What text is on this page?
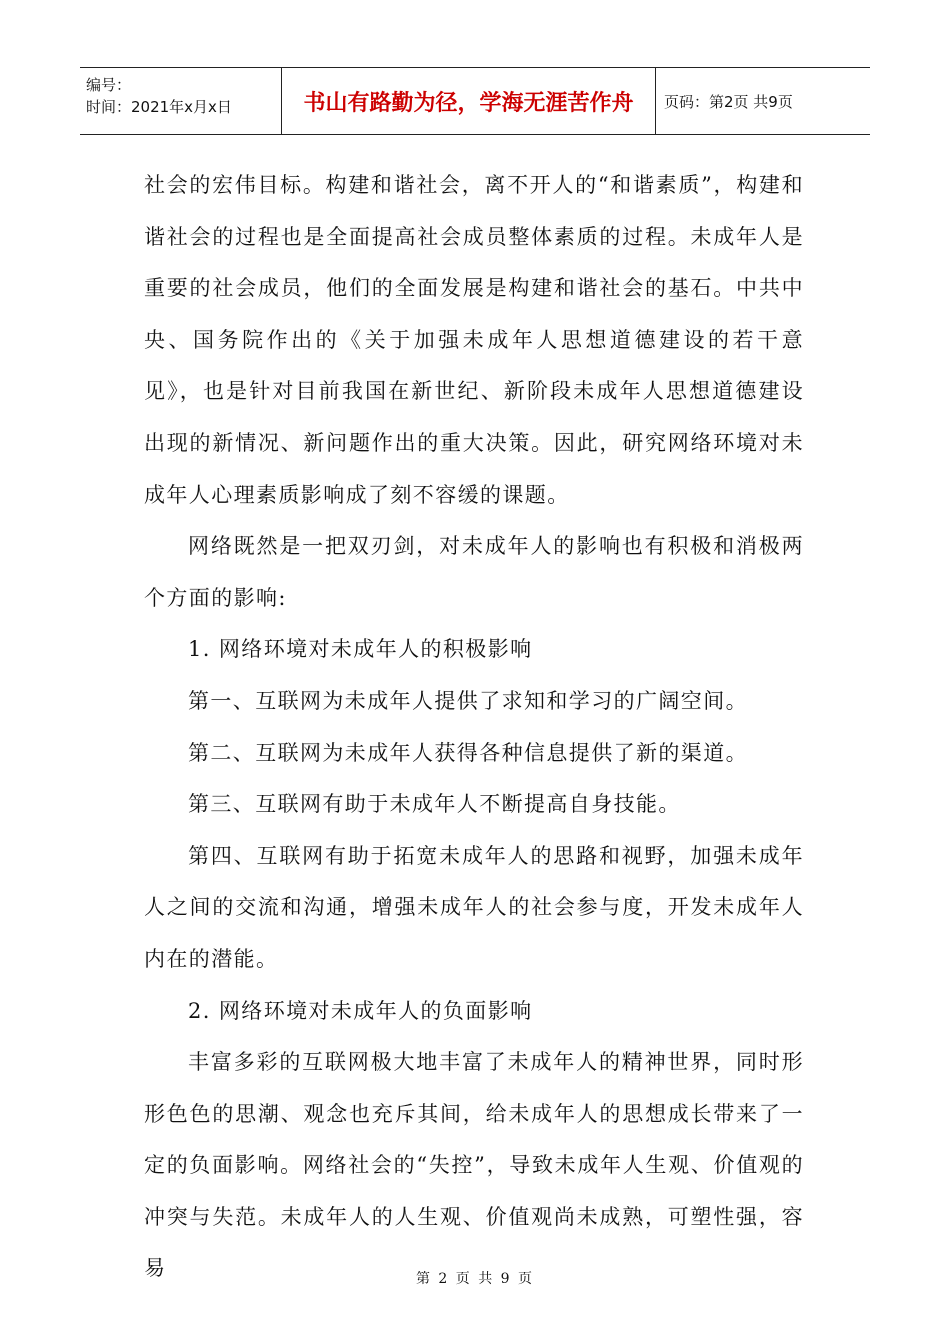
编号：
时间：2021年x月x日	书山有路勤为径，学海无涯苦作舟	页码：第2页 共9页

社会的宏伟目标。构建和谐社会，离不开人的“和谐素质”，构建和谐社会的过程也是全面提高社会成员整体素质的过程。未成年人是重要的社会成员，他们的全面发展是构建和谐社会的基石。中共中央、国务院作出的《关于加强未成年人思想道德建设的若干意见》，也是针对目前我国在新世纪、新阶段未成年人思想道德建设出现的新情况、新问题作出的重大决策。因此，研究网络环境对未成年人心理素质影响成了刻不容缓的课题。

网络既然是一把双刃剑，对未成年人的影响也有积极和消极两个方面的影响:

1. 网络环境对未成年人的积极影响

第一、互联网为未成年人提供了求知和学习的广阔空间。

第二、互联网为未成年人获得各种信息提供了新的渠道。

第三、互联网有助于未成年人不断提高自身技能。

第四、互联网有助于拓宽未成年人的思路和视野，加强未成年人之间的交流和沟通，增强未成年人的社会参与度，开发未成年人内在的潜能。

2. 网络环境对未成年人的负面影响

丰富多彩的互联网极大地丰富了未成年人的精神世界，同时形形色色的思潮、观念也充斥其间，给未成年人的思想成长带来了一定的负面影响。网络社会的“失控”，导致未成年人生观、价值观的冲突与失范。未成年人的人生观、价值观尚未成熟，可塑性强，容易	第 2 页 共 9 页
